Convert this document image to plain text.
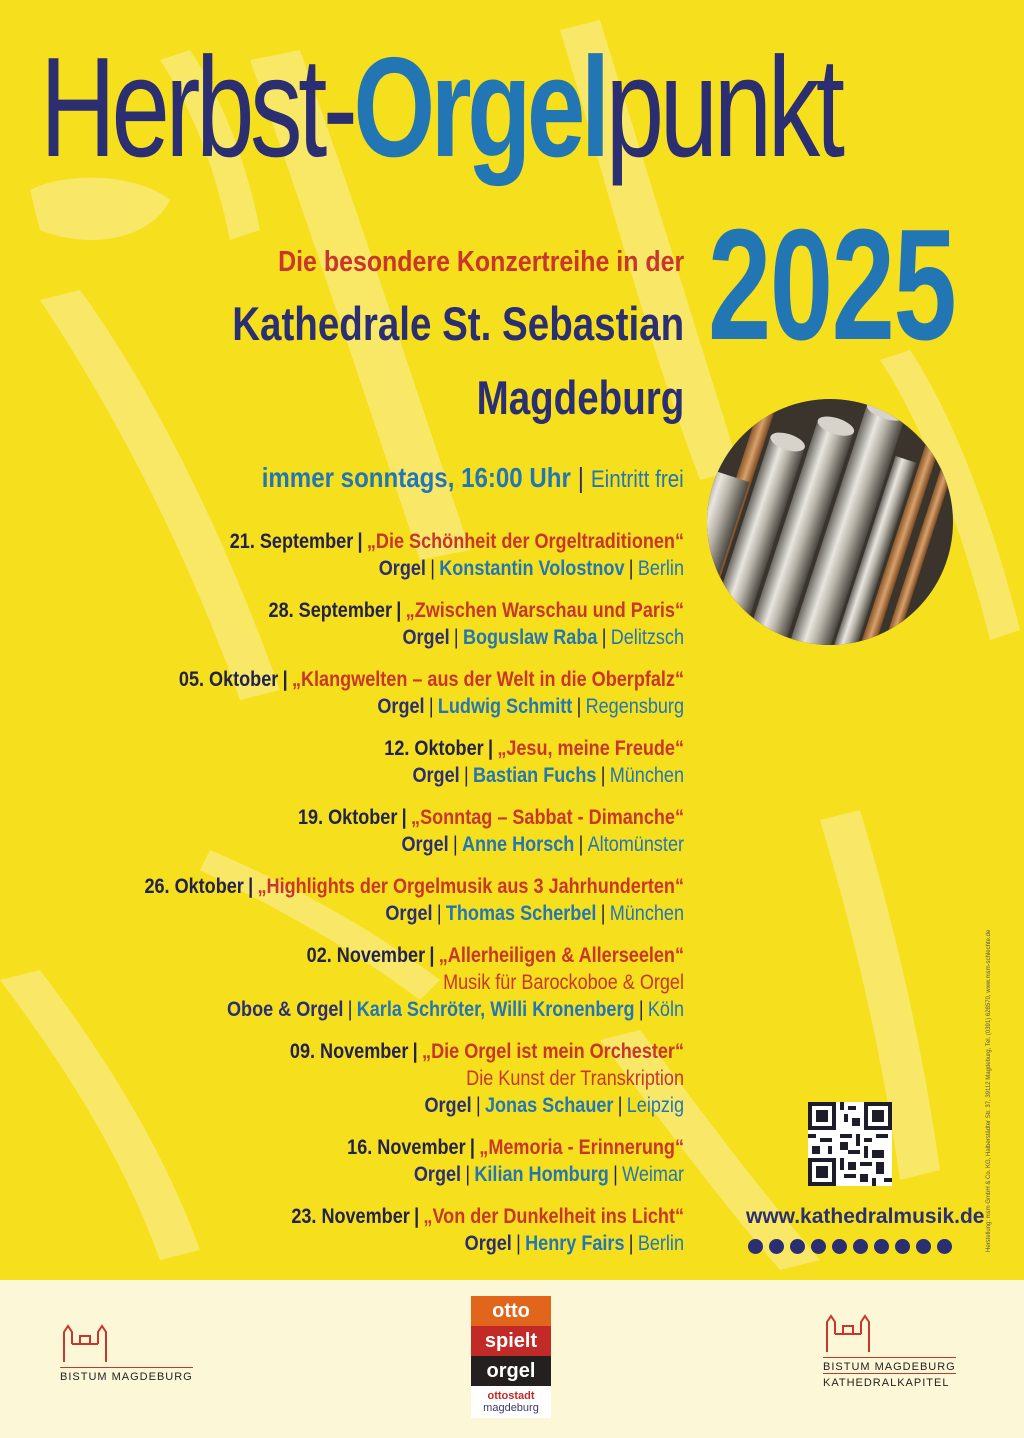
Herbst-Orgelpunkt
2025
Die besondere Konzertreihe in der
Kathedrale St. Sebastian
Magdeburg
immer sonntags, 16:00 Uhr | Eintritt frei
21. September | „Die Schönheit der Orgeltraditionen“
Orgel | Konstantin Volostnov | Berlin
28. September | „Zwischen Warschau und Paris“
Orgel | Boguslaw Raba | Delitzsch
05. Oktober | „Klangwelten – aus der Welt in die Oberpfalz“
Orgel | Ludwig Schmitt | Regensburg
12. Oktober | „Jesu, meine Freude“
Orgel | Bastian Fuchs | München
19. Oktober | „Sonntag – Sabbat - Dimanche“
Orgel | Anne Horsch | Altomünster
26. Oktober | „Highlights der Orgelmusik aus 3 Jahrhunderten“
Orgel | Thomas Scherbel | München
02. November | „Allerheiligen & Allerseelen“
Musik für Barockoboe & Orgel
Oboe & Orgel | Karla Schröter, Willi Kronenberg | Köln
09. November | „Die Orgel ist mein Orchester“
Die Kunst der Transkription
Orgel | Jonas Schauer | Leipzig
16. November | „Memoria - Erinnerung“
Orgel | Kilian Homburg | Weimar
23. November | „Von der Dunkelheit ins Licht“
Orgel | Henry Fairs | Berlin
www.kathedralmusik.de Herstellung: msm GmbH & Co. KG, Halberstädter Str. 37, 39112 Magdeburg, Tel. (0391) 628570, www.msm-schlechte.de
BISTUM MAGDEBURG
otto
spielt
orgel
ottostadt magdeburg
BISTUM MAGDEBURG
KATHEDRALKAPITEL
